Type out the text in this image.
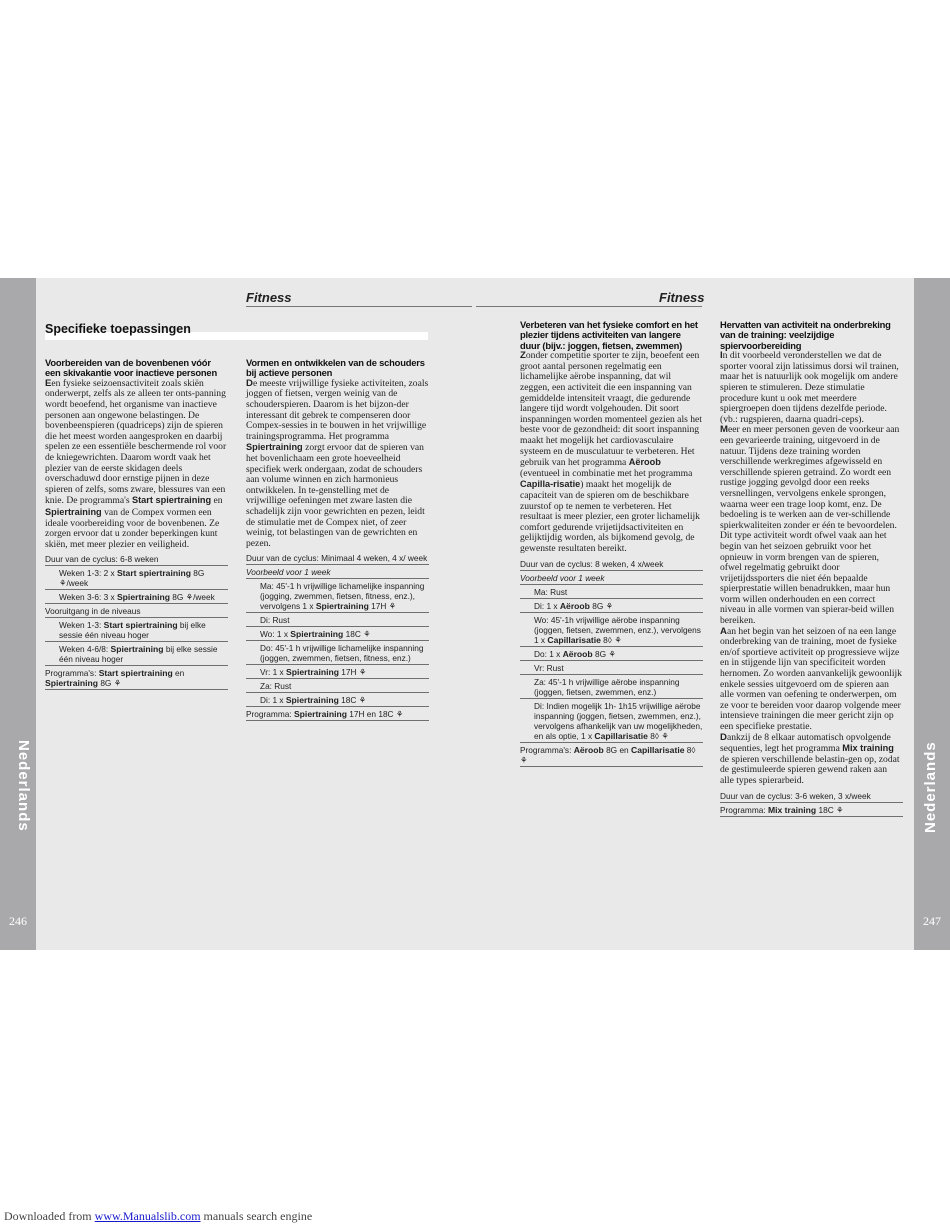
Nederlands
246
Nederlands
247
Fitness	Fitness
Specifieke toepassingen
Voorbereiden van de bovenbenen vóór een skivakantie voor inactieve personen

Een fysieke seizoensactiviteit zoals skiën onderwerpt, zelfs als ze alleen ter onts-panning wordt beoefend, het organisme van inactieve personen aan ongewone belastingen. De bovenbeenspieren (quadriceps) zijn de spieren die het meest worden aangesproken en daarbij spelen ze een essentiële beschermende rol voor de kniegewrichten. Daarom wordt vaak het plezier van de eerste skidagen deels overschaduwd door ernstige pijnen in deze spieren of zelfs, soms zware, blessures van een knie. De programma's Start spiertraining en Spiertraining van de Compex vormen een ideale voorbereiding voor de bovenbenen. Ze zorgen ervoor dat u zonder beperkingen kunt skiën, met meer plezier en veiligheid.

Duur van de cyclus: 6-8 weken
Weken 1-3: 2 x Start spiertraining 8G ⚘/week
Weken 3-6: 3 x Spiertraining 8G ⚘/week
Vooruitgang in de niveaus
Weken 1-3: Start spiertraining bij elke sessie één niveau hoger
Weken 4-6/8: Spiertraining bij elke sessie één niveau hoger
Programma's: Start spiertraining en Spiertraining 8G ⚘
Vormen en ontwikkelen van de schouders bij actieve personen

De meeste vrijwillige fysieke activiteiten, zoals joggen of fietsen, vergen weinig van de schouderspieren. Daarom is het bijzon-der interessant dit gebrek te compenseren door Compex-sessies in te bouwen in het vrijwillige trainingsprogramma. Het programma Spiertraining zorgt ervoor dat de spieren van het bovenlichaam een grote hoeveelheid specifiek werk ondergaan, zodat de schouders aan volume winnen en zich harmonieus ontwikkelen. In te-genstelling met de vrijwillige oefeningen met zware lasten die schadelijk zijn voor gewrichten en pezen, leidt de stimulatie met de Compex niet, of zeer weinig, tot belastingen van de gewrichten en pezen.

Duur van de cyclus: Minimaal 4 weken, 4 x/ week
Voorbeeld voor 1 week
Ma: 45'-1 h vrijwillige lichamelijke inspanning (jogging, zwemmen, fietsen, fitness, enz.), vervolgens 1 x Spiertraining 17H ⚘
Di: Rust
Wo: 1 x Spiertraining 18C ⚘
Do: 45'-1 h vrijwillige lichamelijke inspanning (joggen, zwemmen, fietsen, fitness, enz.)
Vr: 1 x Spiertraining 17H ⚘
Za: Rust
Di: 1 x Spiertraining 18C ⚘
Programma: Spiertraining 17H en 18C ⚘
Verbeteren van het fysieke comfort en het plezier tijdens activiteiten van langere duur (bijv.: joggen, fietsen, zwemmen)

Zonder competitie sporter te zijn, beoefent een groot aantal personen regelmatig een lichamelijke aërobe inspanning, dat wil zeggen, een activiteit die een inspanning van gemiddelde intensiteit vraagt, die gedurende langere tijd wordt volgehouden. Dit soort inspanningen worden momenteel gezien als het beste voor de gezondheid: dit soort inspanning maakt het mogelijk het cardiovasculaire systeem en de musculatuur te verbeteren. Het gebruik van het programma Aëroob (eventueel in combinatie met het programma Capilla-risatie) maakt het mogelijk de capaciteit van de spieren om de beschikbare zuurstof op te nemen te verbeteren. Het resultaat is meer plezier, een groter lichamelijk comfort gedurende vrijetijdsactiviteiten en gelijktijdig worden, als bijkomend gevolg, de gewenste resultaten bereikt.

Duur van de cyclus: 8 weken, 4 x/week
Voorbeeld voor 1 week
Ma: Rust
Di: 1 x Aëroob 8G ⚘
Wo: 45'-1h vrijwillige aërobe inspanning (joggen, fietsen, zwemmen, enz.), vervolgens 1 x Capillarisatie 8◊ ⚘
Do: 1 x Aëroob 8G ⚘
Vr: Rust
Za: 45'-1 h vrijwillige aërobe inspanning (joggen, fietsen, zwemmen, enz.)
Di: Indien mogelijk 1h- 1h15 vrijwillige aërobe inspanning (joggen, fietsen, zwemmen, enz.), vervolgens afhankelijk van uw mogelijkheden, en als optie, 1 x Capillarisatie 8◊ ⚘
Programma's: Aëroob 8G en Capillarisatie 8◊ ⚘
Hervatten van activiteit na onderbreking van de training: veelzijdige spiervoorbereiding

In dit voorbeeld veronderstellen we dat de sporter vooral zijn latissimus dorsi wil trainen, maar het is natuurlijk ook mogelijk om andere spieren te stimuleren. Deze stimulatie procedure kunt u ook met meerdere spiergroepen doen tijdens dezelfde periode. (vb.: rugspieren, daarna quadri-ceps).

Meer en meer personen geven de voorkeur aan een gevarieerde training, uitgevoerd in de natuur. Tijdens deze training worden verschillende werkregimes afgewisseld en verschillende spieren getraind. Zo wordt een rustige jogging gevolgd door een reeks versnellingen, vervolgens enkele sprongen, waarna weer een trage loop komt, enz. De bedoeling is te werken aan de ver-schillende spierkwaliteiten zonder er één te bevoordelen. Dit type activiteit wordt ofwel vaak aan het begin van het seizoen gebruikt voor het opnieuw in vorm brengen van de spieren, ofwel regelmatig gebruikt door vrijetijdssporters die niet één bepaalde spierprestatie willen benadrukken, maar hun vorm willen onderhouden en een correct niveau in alle vormen van spierar-beid willen bereiken.

Aan het begin van het seizoen of na een lange onderbreking van de training, moet de fysieke en/of sportieve activiteit op progressieve wijze en in stijgende lijn van specificiteit worden hernomen. Zo worden aanvankelijk gewoonlijk enkele sessies uitgevoerd om de spieren aan alle vormen van oefening te onderwerpen, om ze voor te bereiden voor daarop volgende meer intensieve trainingen die meer gericht zijn op een specifieke prestatie.

Dankzij de 8 elkaar automatisch opvolgende sequenties, legt het programma Mix training de spieren verschillende belastin-gen op, zodat de gestimuleerde spieren gewend raken aan alle types spierarbeid.

Duur van de cyclus: 3-6 weken, 3 x/week
Programma: Mix training 18C ⚘
Downloaded from www.Manualslib.com manuals search engine
